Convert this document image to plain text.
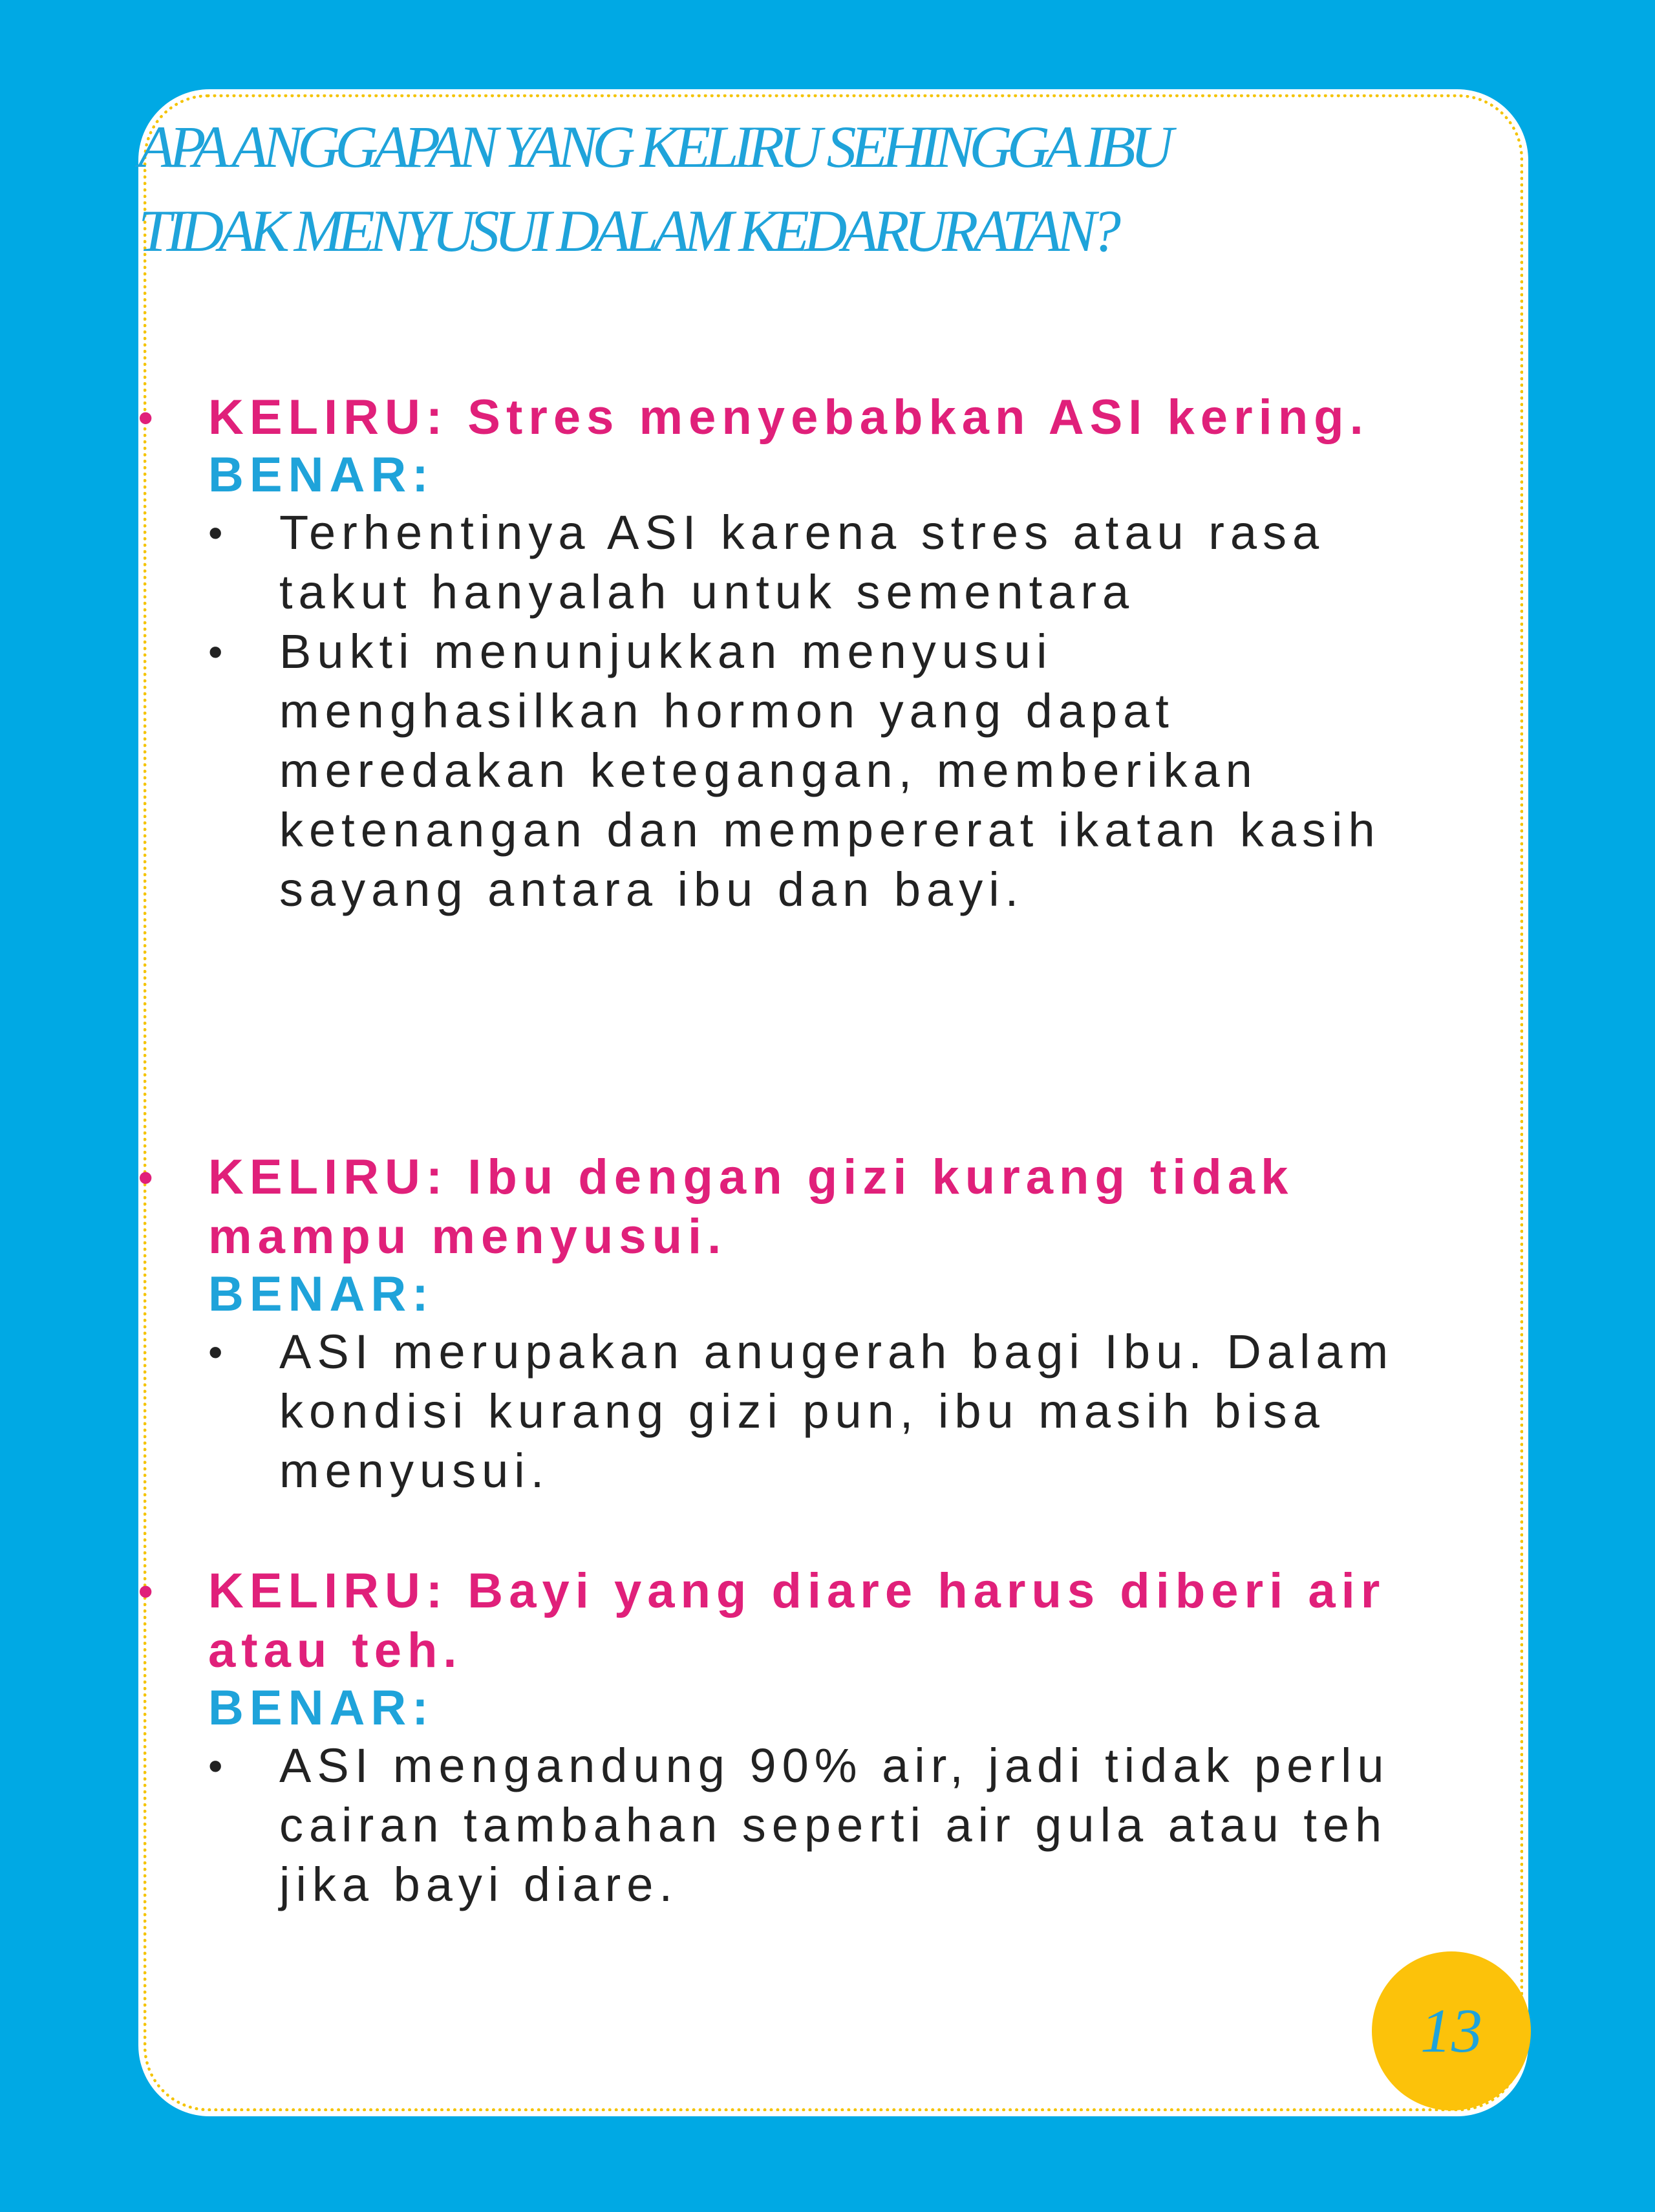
APA ANGGAPAN YANG KELIRU SEHINGGA IBU TIDAK MENYUSUI DALAM KEDARURATAN?
• KELIRU: Stres menyebabkan ASI kering.

BENAR:

• Terhentinya ASI karena stres atau rasa takut hanyalah untuk sementara
• Bukti menunjukkan menyusui menghasilkan hormon yang dapat meredakan ketegangan, memberikan ketenangan dan mempererat ikatan kasih sayang antara ibu dan bayi.
• KELIRU: Ibu dengan gizi kurang tidak mampu menyusui.

BENAR:

• ASI merupakan anugerah bagi Ibu. Dalam kondisi kurang gizi pun, ibu masih bisa menyusui.
• KELIRU: Bayi yang diare harus diberi air atau teh.

BENAR:

• ASI mengandung 90% air, jadi tidak perlu cairan tambahan seperti air gula atau teh jika bayi diare.
13
